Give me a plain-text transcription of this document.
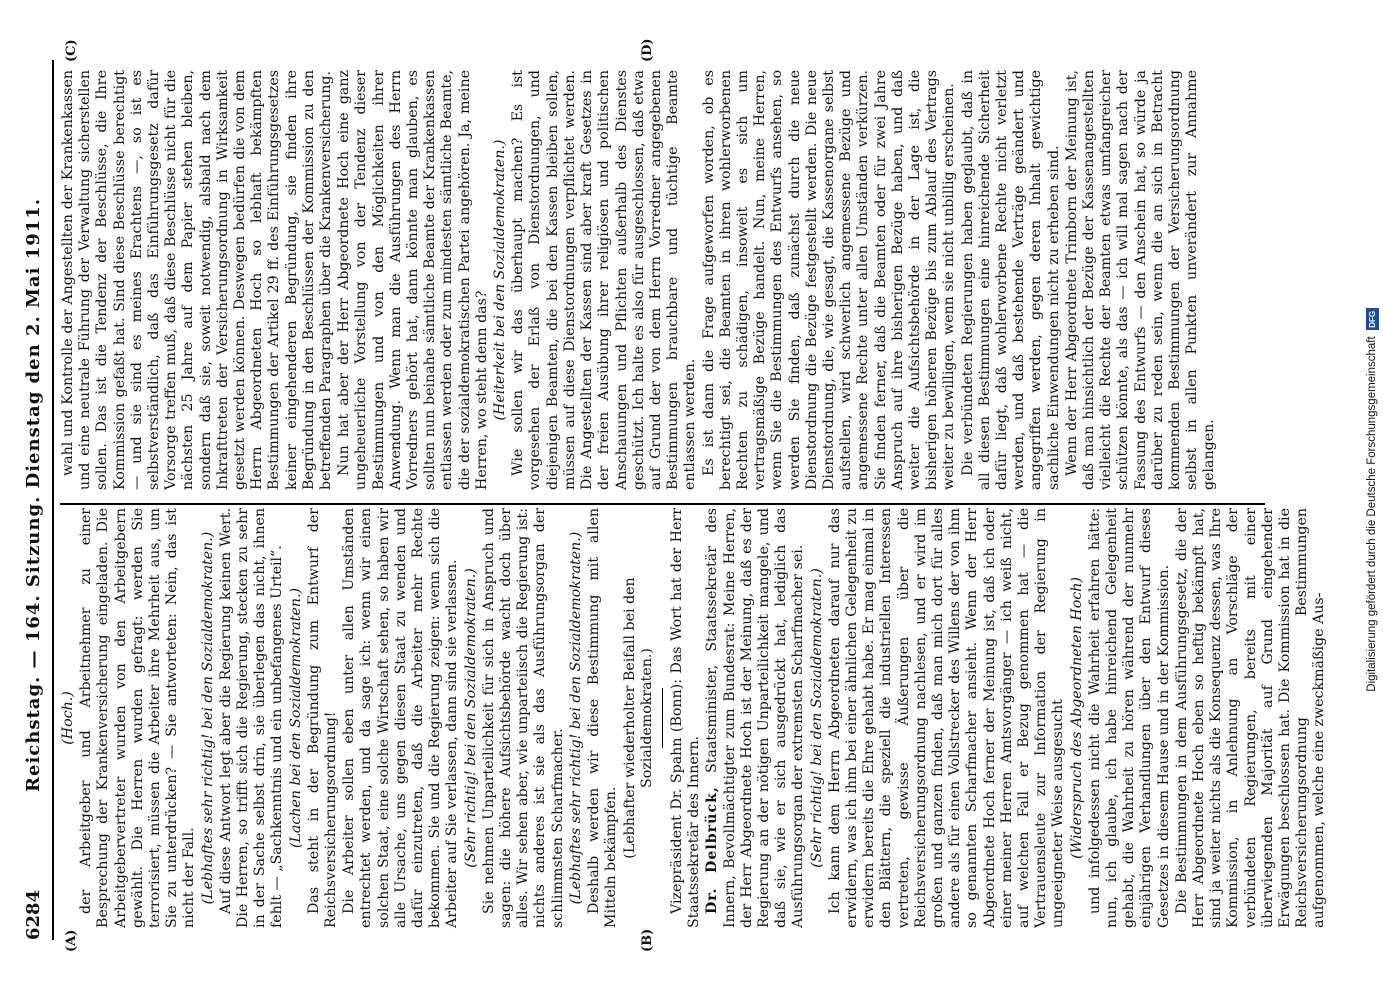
6284
Reichstag. — 164. Sitzung. Dienstag den 2. Mai 1911.
(A)	(B)
(C)	(D)

(Hoch.) der Arbeitgeber und Arbeitnehmer zu einer Besprechung der Krankenversicherung eingeladen. Die Arbeitgebervertreter wurden von den Arbeitgebern gewählt. Die Herren wurden gefragt: werden Sie terrorisiert, müssen die Arbeiter ihre Mehrheit aus, um Sie zu unterdrücken? — Sie antworteten: Nein, das ist nicht der Fall. (Lebhaftes sehr richtig! bei den Sozialdemokraten.) Auf diese Antwort legt aber die Regierung keinen Wert. Die Herren, so trifft sich die Regierung, stecken zu sehr in der Sache selbst drin, sie überlegen das nicht, ihnen fehlt — „Sachkenntnis und ein unbefangenes Urteil“. (Lachen bei den Sozialdemokraten.) Das steht in der Begründung zum Entwurf der Reichsversicherungsordnung! Die Arbeiter sollen eben unter allen Umständen entrechtet werden, und da sage ich: wenn wir einen solchen Staat, eine solche Wirtschaft sehen, so haben wir alle Ursache, uns gegen diesen Staat zu wenden und dafür einzutreten, daß die Arbeiter mehr Rechte bekommen. Sie und die Regierung zeigen: wenn sich die Arbeiter auf Sie verlassen, dann sind sie verlassen. (Sehr richtig! bei den Sozialdemokraten.) Sie nehmen Unparteilichkeit für sich in Anspruch und sagen: die höhere Aufsichtsbehörde wacht doch über alles. Wir sehen aber, wie unparteiisch die Regierung ist: nichts anderes ist sie als das Ausführungsorgan der schlimmsten Scharfmacher. (Lebhaftes sehr richtig! bei den Sozialdemokraten.) Deshalb werden wir diese Bestimmung mit allen Mitteln bekämpfen. (Lebhafter wiederholter Beifall bei den Sozialdemokraten.) Vizepräsident Dr. Spahn (Bonn): Das Wort hat der Herr Staatssekretär des Innern. Dr. Delbrück, Staatsminister, Staatssekretär des Innern, Bevollmächtigter zum Bundesrat: Meine Herren, der Herr Abgeordnete Hoch ist der Meinung, daß es der Regierung an der nötigen Unparteilichkeit mangele, und daß sie, wie er sich ausgedrückt hat, lediglich das Ausführungsorgan der extremsten Scharfmacher sei. (Sehr richtig! bei den Sozialdemokraten.) Ich kann dem Herrn Abgeordneten darauf nur das erwidern, was ich ihm bei einer ähnlichen Gelegenheit zu erwidern bereits die Ehre gehabt habe. Er mag einmal in den Blättern, die speziell die industriellen Interessen vertreten, gewisse Äußerungen über die Reichsversicherungsordnung nachlesen, und er wird im großen und ganzen finden, daß man mich dort für alles andere als für einen Vollstrecker des Willens der von ihm so genannten Scharfmacher ansieht. Wenn der Herr Abgeordnete Hoch ferner der Meinung ist, daß ich oder einer meiner Herren Amtsvorgänger — ich weiß nicht, auf welchen Fall er Bezug genommen hat — die Vertrauensleute zur Information der Regierung in ungeeigneter Weise ausgesucht (Widerspruch des Abgeordneten Hoch) und infolgedessen nicht die Wahrheit erfahren hätte: nun, ich glaube, ich habe hinreichend Gelegenheit gehabt, die Wahrheit zu hören während der nunmehr einjährigen Verhandlungen über den Entwurf dieses Gesetzes in diesem Hause und in der Kommission. Die Bestimmungen in dem Ausführungsgesetz, die der Herr Abgeordnete Hoch eben so heftig bekämpft hat, sind ja weiter nichts als die Konsequenz dessen, was Ihre Kommission, in Anlehnung an Vorschläge der verbündeten Regierungen, bereits mit einer überwiegenden Majorität auf Grund eingehender Erwägungen beschlossen hat. Die Kommission hat in die Reichsversicherungsordnung Bestimmungen aufgenommen, welche eine zweckmäßige Aus-

wahl und Kontrolle der Angestellten der Krankenkassen und eine neutrale Führung der Verwaltung sicherstellen sollen. Das ist die Tendenz der Beschlüsse, die Ihre Kommission gefaßt hat. Sind diese Beschlüsse berechtigt — und sie sind es meines Erachtens —, so ist es selbstverständlich, daß das Einführungsgesetz dafür Vorsorge treffen muß, daß diese Beschlüsse nicht für die nächsten 25 Jahre auf dem Papier stehen bleiben, sondern daß sie, soweit notwendig, alsbald nach dem Inkrafttreten der Versicherungsordnung in Wirksamkeit gesetzt werden können. Deswegen bedürfen die von dem Herrn Abgeordneten Hoch so lebhaft bekämpften Bestimmungen der Artikel 29 ff. des Einführungsgesetzes keiner eingehenderen Begründung, sie finden ihre Begründung in den Beschlüssen der Kommission zu den betreffenden Paragraphen über die Krankenversicherung. Nun hat aber der Herr Abgeordnete Hoch eine ganz ungeheuerliche Vorstellung von der Tendenz dieser Bestimmungen und von den Möglichkeiten ihrer Anwendung. Wenn man die Ausführungen des Herrn Vorredners gehört hat, dann könnte man glauben, es sollten nun beinahe sämtliche Beamte der Krankenkassen entlassen werden oder zum mindesten sämtliche Beamte, die der sozialdemokratischen Partei angehören. Ja, meine Herren, wo steht denn das? (Heiterkeit bei den Sozialdemokraten.) Wie sollen wir das überhaupt machen? Es ist vorgesehen der Erlaß von Dienstordnungen, und diejenigen Beamten, die bei den Kassen bleiben sollen, müssen auf diese Dienstordnungen verpflichtet werden. Die Angestellten der Kassen sind aber kraft Gesetzes in der freien Ausübung ihrer religiösen und politischen Anschauungen und Pflichten außerhalb des Dienstes geschützt. Ich halte es also für ausgeschlossen, daß etwa auf Grund der von dem Herrn Vorredner angegebenen Bestimmungen brauchbare und tüchtige Beamte entlassen werden. Es ist dann die Frage aufgeworfen worden, ob es berechtigt sei, die Beamten in ihren wohlerworbenen Rechten zu schädigen, insoweit es sich um vertragsmäßige Bezüge handelt. Nun, meine Herren, wenn Sie die Bestimmungen des Entwurfs ansehen, so werden Sie finden, daß zunächst durch die neue Dienstordnung die Bezüge festgestellt werden. Die neue Dienstordnung, die, wie gesagt, die Kassenorgane selbst aufstellen, wird schwerlich angemessene Bezüge und angemessene Rechte unter allen Umständen verkürzen. Sie finden ferner, daß die Beamten oder für zwei Jahre Anspruch auf ihre bisherigen Bezüge haben, und daß weiter die Aufsichtsbehörde in der Lage ist, die bisherigen höheren Bezüge bis zum Ablauf des Vertrags weiter zu bewilligen, wenn sie nicht unbillig erscheinen. Die verbündeten Regierungen haben geglaubt, daß in all diesen Bestimmungen eine hinreichende Sicherheit dafür liegt, daß wohlerworbene Rechte nicht verletzt werden, und daß bestehende Verträge geändert und angegriffen werden, gegen deren Inhalt gewichtige sachliche Einwendungen nicht zu erheben sind. Wenn der Herr Abgeordnete Trimborn der Meinung ist, daß man hinsichtlich der Bezüge der Kassenangestellten vielleicht die Rechte der Beamten etwas umfangreicher schützen könnte, als das — ich will mal sagen nach der Fassung des Entwurfs — den Anschein hat, so würde ja darüber zu reden sein, wenn die an sich in Betracht kommenden Bestimmungen der Versicherungsordnung selbst in allen Punkten unverändert zur Annahme gelangen.	Digitalisierung gefördert durch die Deutsche Forschungsgemeinschaft
DFG
